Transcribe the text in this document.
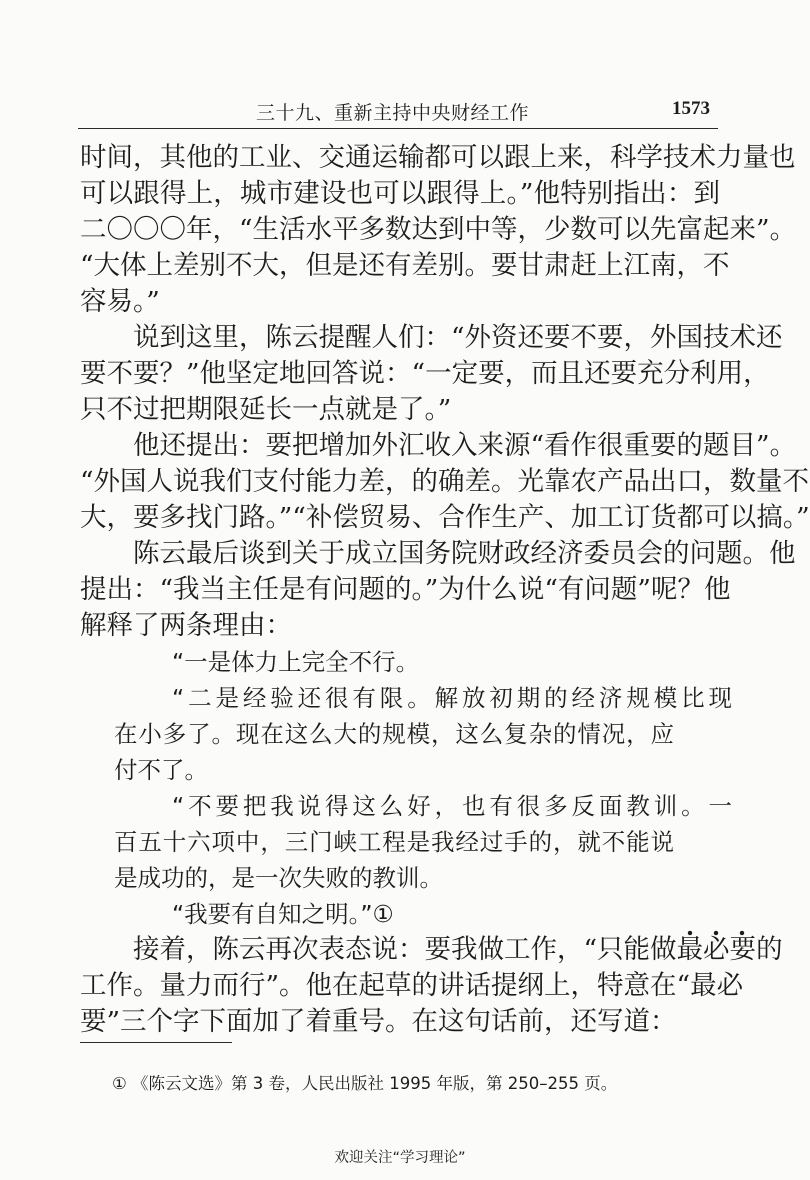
三十九、重新主持中央财经工作	1573
时间，其他的工业、交通运输都可以跟上来，科学技术力量也
可以跟得上，城市建设也可以跟得上。”他特别指出：到
二〇〇〇年，“生活水平多数达到中等，少数可以先富起来”。
“大体上差别不大，但是还有差别。要甘肃赶上江南，不
容易。”
说到这里，陈云提醒人们：“外资还要不要，外国技术还
要不要？”他坚定地回答说：“一定要，而且还要充分利用，
只不过把期限延长一点就是了。”
他还提出：要把增加外汇收入来源“看作很重要的题目”。
“外国人说我们支付能力差，的确差。光靠农产品出口，数量不
大，要多找门路。”“补偿贸易、合作生产、加工订货都可以搞。”
陈云最后谈到关于成立国务院财政经济委员会的问题。他
提出：“我当主任是有问题的。”为什么说“有问题”呢？他
解释了两条理由：
“一是体力上完全不行。
“二是经验还很有限。解放初期的经济规模比现
在小多了。现在这么大的规模，这么复杂的情况，应
付不了。
“不要把我说得这么好，也有很多反面教训。一
百五十六项中，三门峡工程是我经过手的，就不能说
是成功的，是一次失败的教训。
“我要有自知之明。”①
接着，陈云再次表态说：要我做工作，“只能做最必要的
工作。量力而行”。他在起草的讲话提纲上，特意在“最必
要”三个字下面加了着重号。在这句话前，还写道：
① 《陈云文选》第 3 卷，人民出版社 1995 年版，第 250–255 页。
欢迎关注“学习理论”
